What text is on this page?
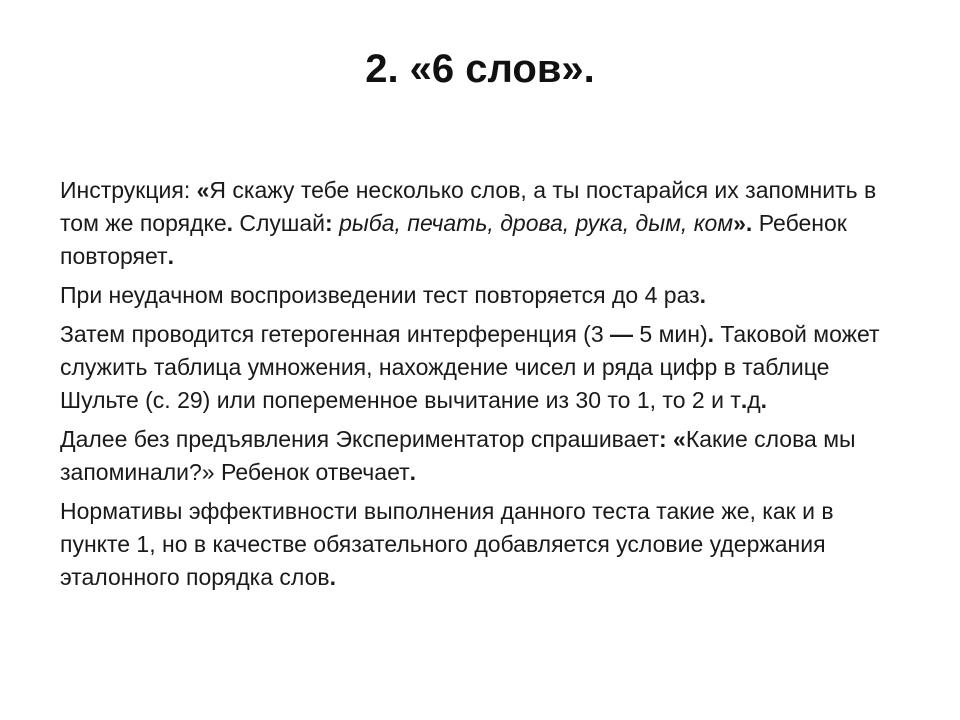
2. «6 слов».

Инструкция: «Я скажу тебе несколько слов, а ты постарайся их запомнить в том же порядке. Слушай: рыба, печать, дрова, рука, дым, ком». Ребенок повторяет.

При неудачном воспроизведении тест повторяется до 4 раз.

Затем проводится гетерогенная интерференция (3 — 5 мин). Таковой может служить таблица умножения, нахождение чисел и ряда цифр в таблице Шульте (с. 29) или попеременное вычитание из 30 то 1, то 2 и т.д.

Далее без предъявления Экспериментатор спрашивает: «Какие слова мы запоминали?» Ребенок отвечает.

Нормативы эффективности выполнения данного теста такие же, как и в пункте 1, но в качестве обязательного добавляется условие удержания эталонного порядка слов.
